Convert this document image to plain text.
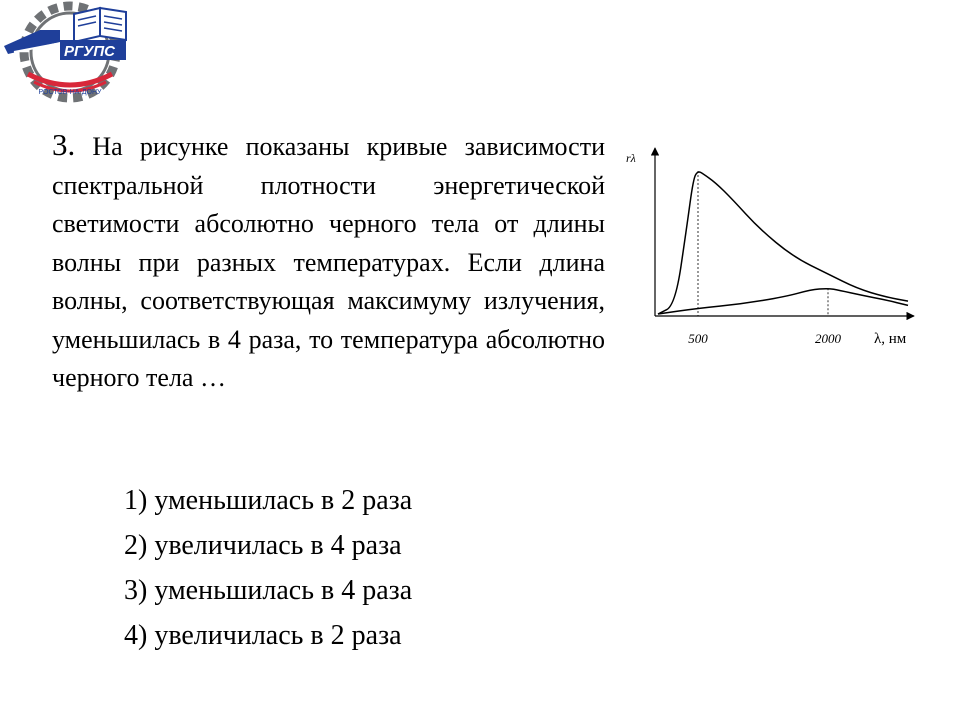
РГУПС
РОСТОВ-НА-ДОНУ

3. На рисунке показаны кривые зависимости спектральной плотности энергетической светимости абсолютно черного тела от длины волны при разных температурах. Если длина волны, соответствующая максимуму излучения, уменьшилась в 4 раза, то температура абсолютно черного тела …

rλ
λ, нм
500	2000
1) уменьшилась в 2 раза
2) увеличилась в 4 раза
3) уменьшилась в 4 раза
4) увеличилась в 2 раза
